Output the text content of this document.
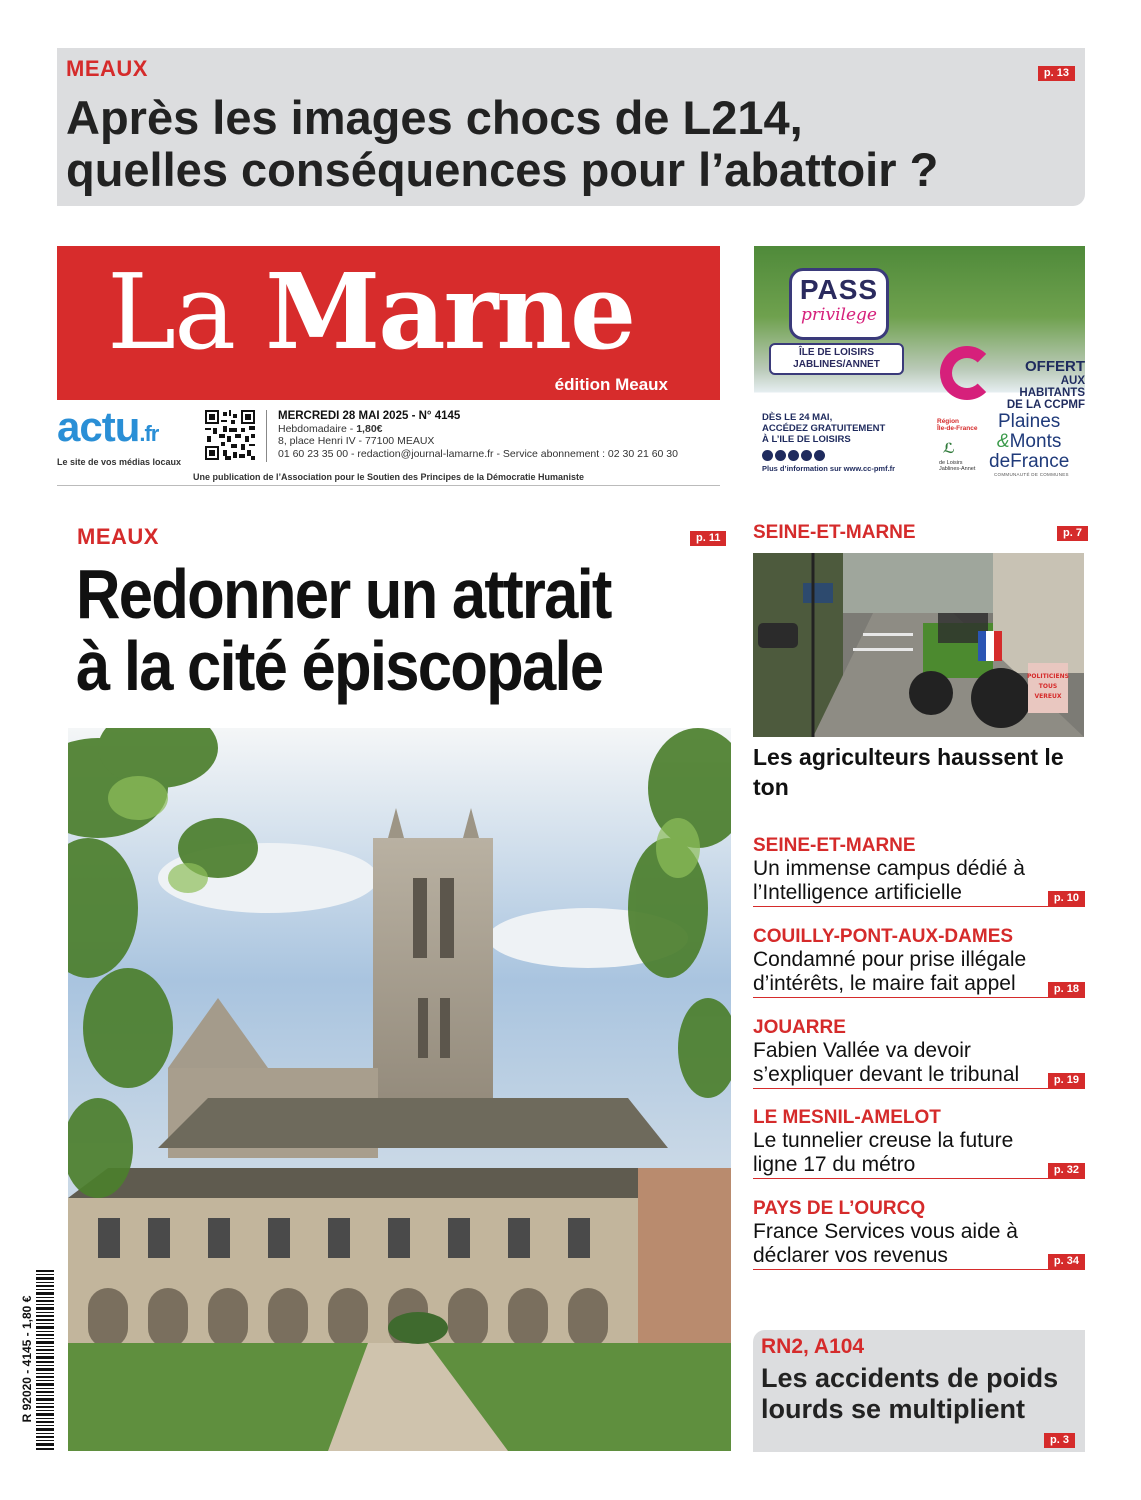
MEAUX	p. 13
Après les images chocs de L214,
quelles conséquences pour l’abattoir ?
La Marne
édition Meaux
actu.fr
Le site de vos médias locaux
MERCREDI 28 MAI 2025 - N° 4145
Hebdomadaire - 1,80€
8, place Henri IV - 77100 MEAUX
01 60 23 35 00 - redaction@journal-lamarne.fr - Service abonnement : 02 30 21 60 30
Une publication de l’Association pour le Soutien des Principes de la Démocratie Humaniste
PASS
privilege
ÎLE DE LOISIRS
JABLINES/ANNET	OFFERT
AUX HABITANTS
DE LA CCPMF
DÈS LE 24 MAI,
ACCÉDEZ GRATUITEMENT
À L’ILE DE LOISIRS
Plus d’information sur www.cc-pmf.fr
Région
Île-de-France
ℒ
de Loisirs
Jablines-Annet
Plaines
&Monts
deFrance
COMMUNAUTÉ DE COMMUNES
MEAUX	p. 11
Redonner un attrait
à la cité épiscopale
SEINE-ET-MARNE	p. 7
POLITICIENS
TOUS
VEREUX
Les agriculteurs haussent le ton
SEINE-ET-MARNE
Un immense campus dédié à l’Intelligence artificielle	p. 10
COUILLY-PONT-AUX-DAMES
Condamné pour prise illégale d’intérêts, le maire fait appel	p. 18
JOUARRE
Fabien Vallée va devoir s’expliquer devant le tribunal	p. 19
LE MESNIL-AMELOT
Le tunnelier creuse la future ligne 17 du métro	p. 32
PAYS DE L’OURCQ
France Services vous aide à déclarer vos revenus	p. 34
RN2, A104
Les accidents de poids lourds se multiplient
p. 3
R 92020 - 4145 - 1,80 €
